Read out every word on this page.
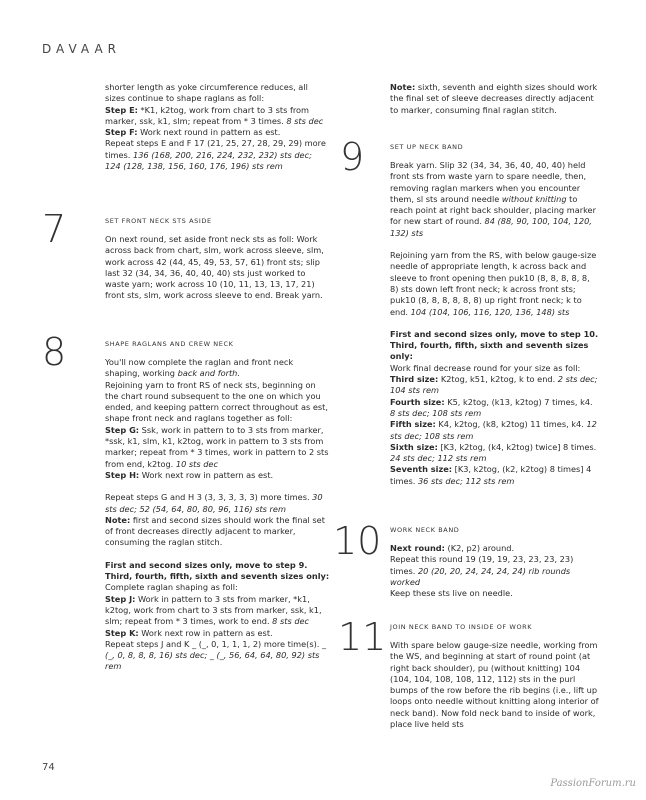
DAVAAR

shorter length as yoke circumference reduces, all sizes continue to shape raglans as foll:

Step E: *K1, k2tog, work from chart to 3 sts from marker, ssk, k1, slm; repeat from * 3 times. 8 sts dec

Step F: Work next round in pattern as est.

Repeat steps E and F 17 (21, 25, 27, 28, 29, 29) more times. 136 (168, 200, 216, 224, 232, 232) sts dec; 124 (128, 138, 156, 160, 176, 196) sts rem

7	SET FRONT NECK STS ASIDE

On next round, set aside front neck sts as foll: Work across back from chart, slm, work across sleeve, slm, work across 42 (44, 45, 49, 53, 57, 61) front sts; slip last 32 (34, 34, 36, 40, 40, 40) sts just worked to waste yarn; work across 10 (10, 11, 13, 13, 17, 21) front sts, slm, work across sleeve to end. Break yarn.

8	SHAPE RAGLANS AND CREW NECK

You'll now complete the raglan and front neck shaping, working back and forth.

Rejoining yarn to front RS of neck sts, beginning on the chart round subsequent to the one on which you ended, and keeping pattern correct throughout as est, shape front neck and raglans together as foll:

Step G: Ssk, work in pattern to to 3 sts from marker, *ssk, k1, slm, k1, k2tog, work in pattern to 3 sts from marker; repeat from * 3 times, work in pattern to 2 sts from end, k2tog. 10 sts dec

Step H: Work next row in pattern as est.

Repeat steps G and H 3 (3, 3, 3, 3, 3) more times. 30 sts dec; 52 (54, 64, 80, 80, 96, 116) sts rem

Note: first and second sizes should work the final set of front decreases directly adjacent to marker, consuming the raglan stitch.

First and second sizes only, move to step 9. Third, fourth, fifth, sixth and seventh sizes only:

Complete raglan shaping as foll:

Step J: Work in pattern to 3 sts from marker, *k1, k2tog, work from chart to 3 sts from marker, ssk, k1, slm; repeat from * 3 times, work to end. 8 sts dec

Step K: Work next row in pattern as est.

Repeat steps J and K _ (_, 0, 1, 1, 1, 2) more time(s). _ (_, 0, 8, 8, 8, 16) sts dec; _ (_, 56, 64, 64, 80, 92) sts rem

Note: sixth, seventh and eighth sizes should work the final set of sleeve decreases directly adjacent to marker, consuming final raglan stitch.

9	SET UP NECK BAND

Break yarn. Slip 32 (34, 34, 36, 40, 40, 40) held front sts from waste yarn to spare needle, then, removing raglan markers when you encounter them, sl sts around needle without knitting to reach point at right back shoulder, placing marker for new start of round. 84 (88, 90, 100, 104, 120, 132) sts

Rejoining yarn from the RS, with below gauge-size needle of appropriate length, k across back and sleeve to front opening then puk10 (8, 8, 8, 8, 8, 8) sts down left front neck; k across front sts; puk10 (8, 8, 8, 8, 8, 8) up right front neck; k to end. 104 (104, 106, 116, 120, 136, 148) sts

First and second sizes only, move to step 10. Third, fourth, fifth, sixth and seventh sizes only:

Work final decrease round for your size as foll:

Third size: K2tog, k51, k2tog, k to end. 2 sts dec; 104 sts rem

Fourth size: K5, k2tog, (k13, k2tog) 7 times, k4. 8 sts dec; 108 sts rem

Fifth size: K4, k2tog, (k8, k2tog) 11 times, k4. 12 sts dec; 108 sts rem

Sixth size: [K3, k2tog, (k4, k2tog) twice] 8 times. 24 sts dec; 112 sts rem

Seventh size: [K3, k2tog, (k2, k2tog) 8 times] 4 times. 36 sts dec; 112 sts rem

10 WORK NECK BAND

Next round: (K2, p2) around.

Repeat this round 19 (19, 19, 23, 23, 23, 23) times. 20 (20, 20, 24, 24, 24, 24) rib rounds worked

Keep these sts live on needle.

11 JOIN NECK BAND TO INSIDE OF WORK

With spare below gauge-size needle, working from the WS, and beginning at start of round point (at right back shoulder), pu (without knitting) 104 (104, 104, 108, 108, 112, 112) sts in the purl bumps of the row before the rib begins (i.e., lift up loops onto needle without knitting along interior of neck band). Now fold neck band to inside of work, place live held sts

74
PassionForum.ru
